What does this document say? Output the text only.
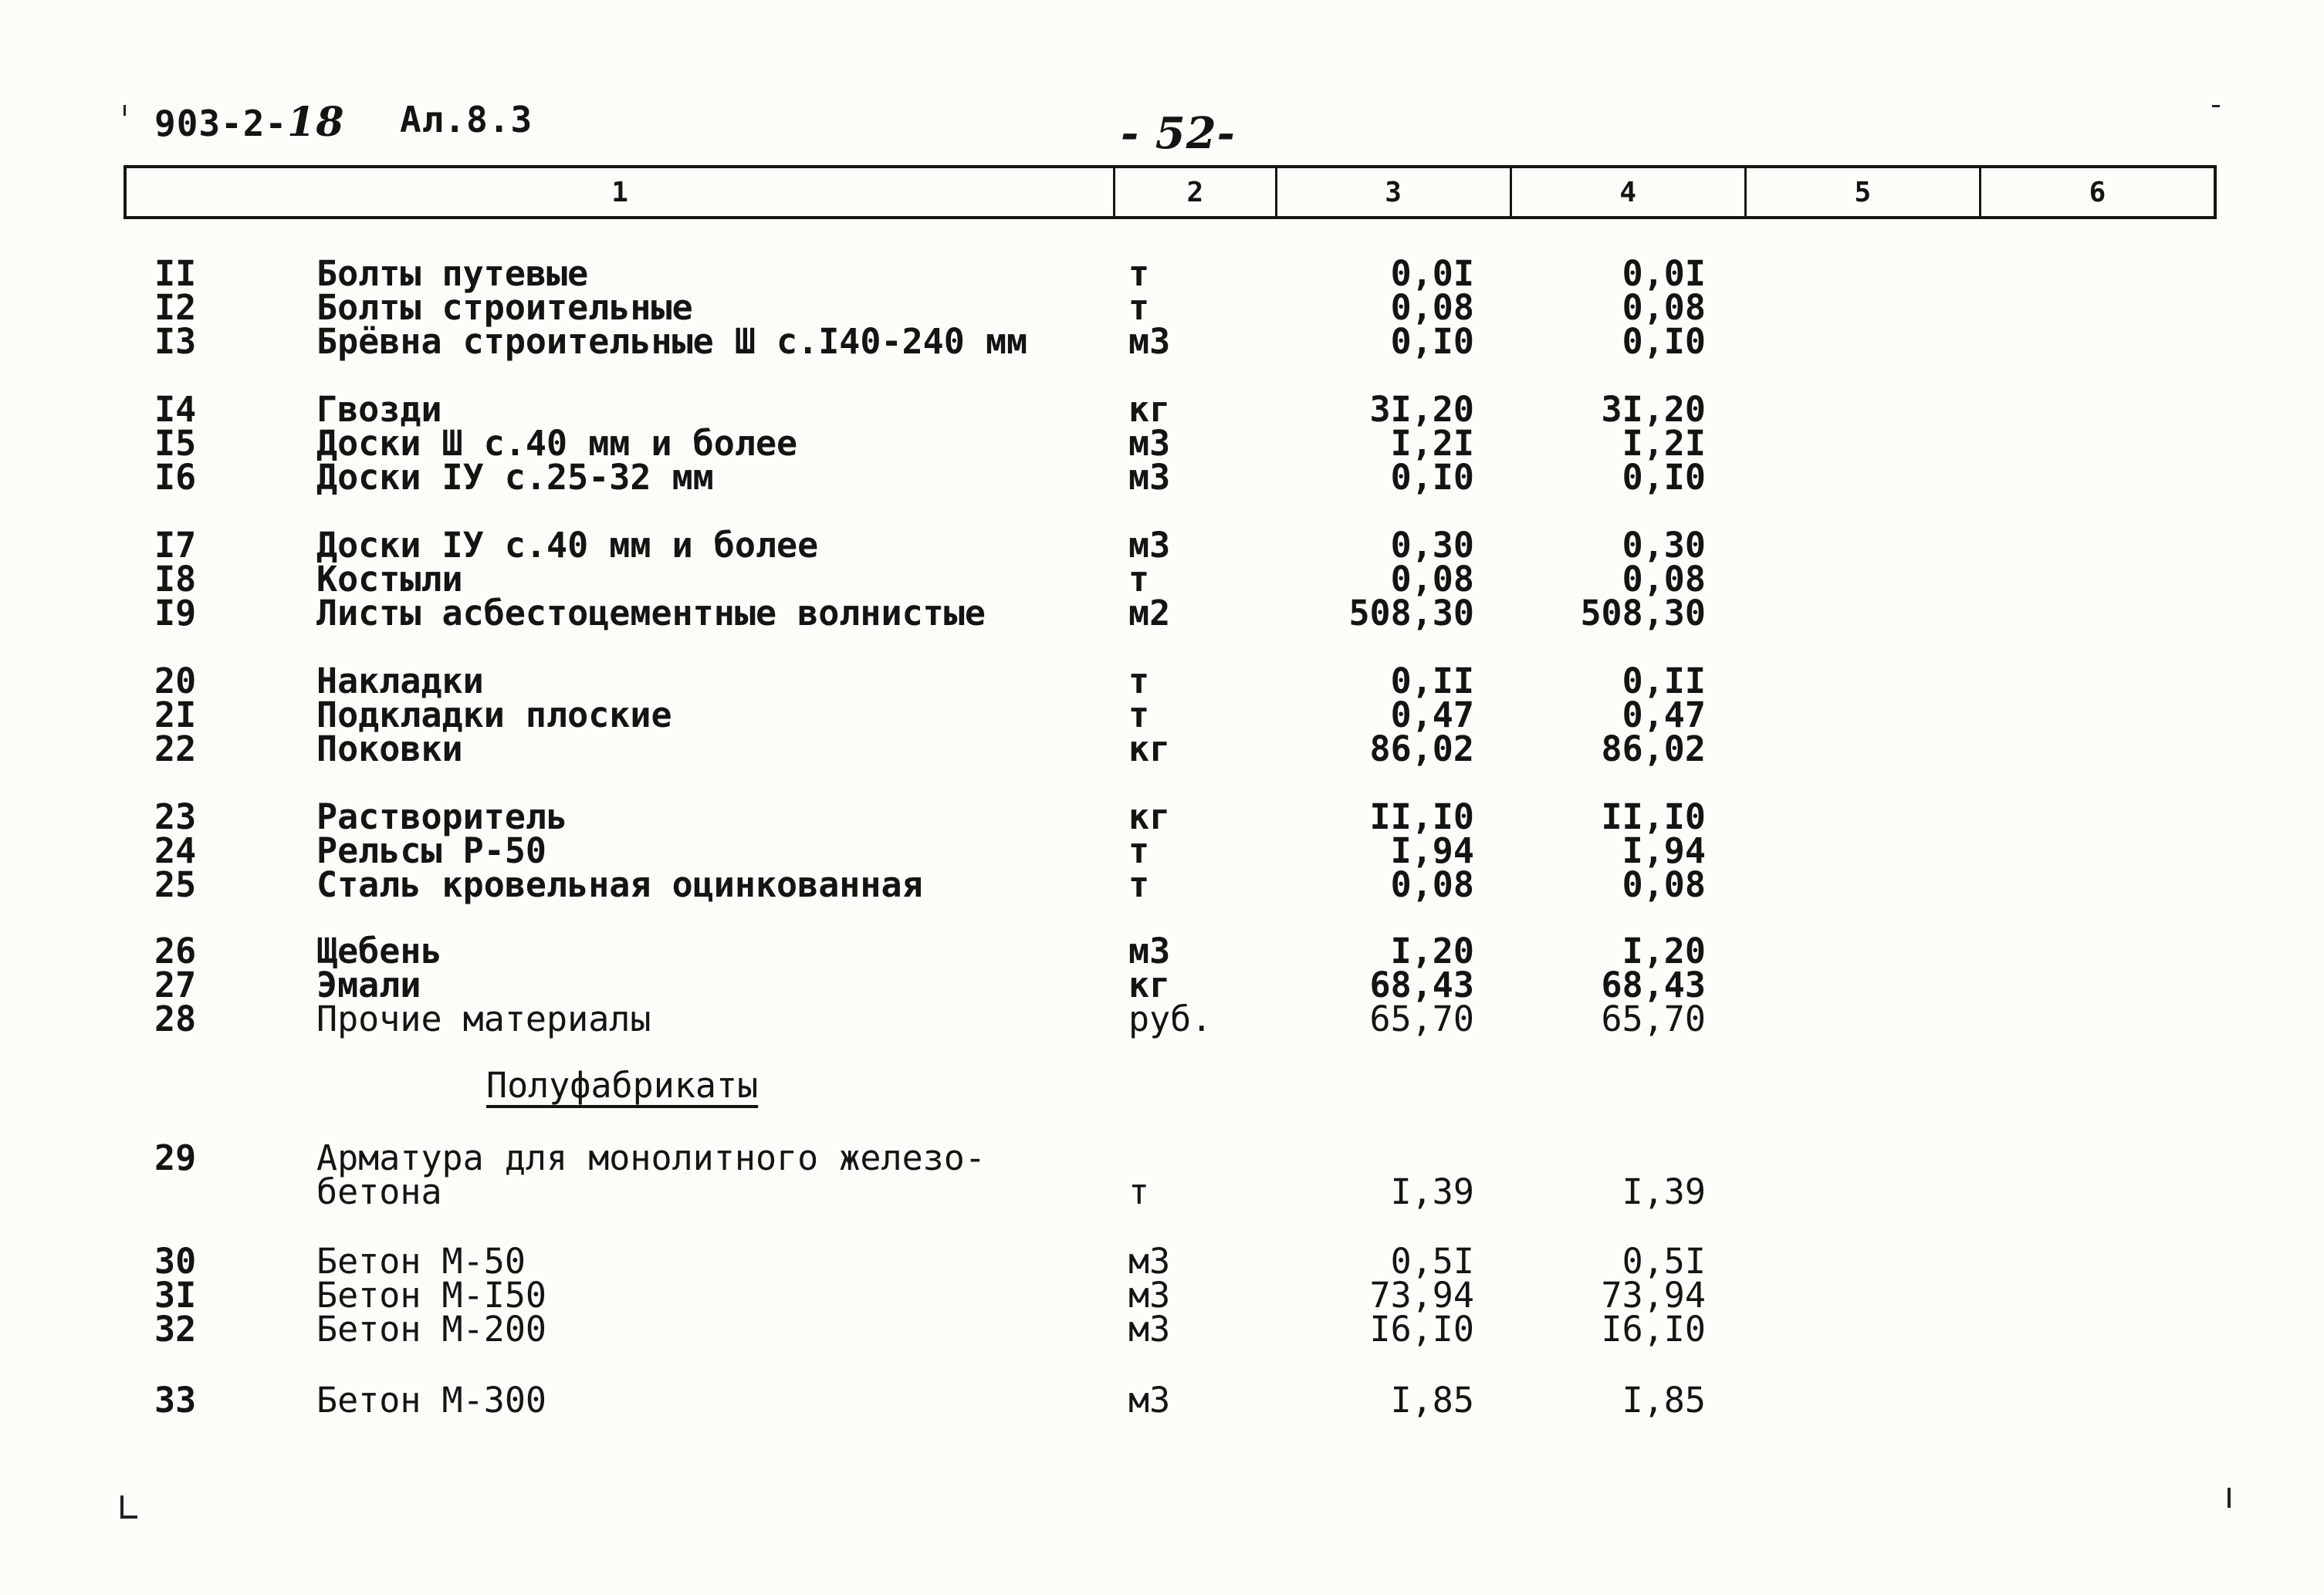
903-2-18 Ал.8.3	- 52-
1	2	3	4	5	6
II	Болты путевые	т	0,0I	0,0I
I2	Болты строительные	т	0,08	0,08
I3	Брёвна строительные Ш с.I40-240 мм	м3	0,I0	0,I0
I4	Гвозди	кг	3I,20	3I,20
I5	Доски Ш с.40 мм и более	м3	I,2I	I,2I
I6	Доски IУ с.25-32 мм	м3	0,I0	0,I0
I7	Доски IУ с.40 мм и более	м3	0,30	0,30
I8	Костыли	т	0,08	0,08
I9	Листы асбестоцементные волнистые	м2	508,30	508,30
20	Накладки	т	0,II	0,II
2I	Подкладки плоские	т	0,47	0,47
22	Поковки	кг	86,02	86,02
23	Растворитель	кг	II,I0	II,I0
24	Рельсы Р-50	т	I,94	I,94
25	Сталь кровельная оцинкованная	т	0,08	0,08
26	Щебень	м3	I,20	I,20
27	Эмали	кг	68,43	68,43
28	Прочие материалы	руб.	65,70	65,70
Полуфабрикаты
29	Арматура для монолитного железо-
бетона	т	I,39	I,39
30	Бетон М-50	м3	0,5I	0,5I
3I	Бетон М-I50	м3	73,94	73,94
32	Бетон М-200	м3	I6,I0	I6,I0
33	Бетон М-300	м3	I,85	I,85
